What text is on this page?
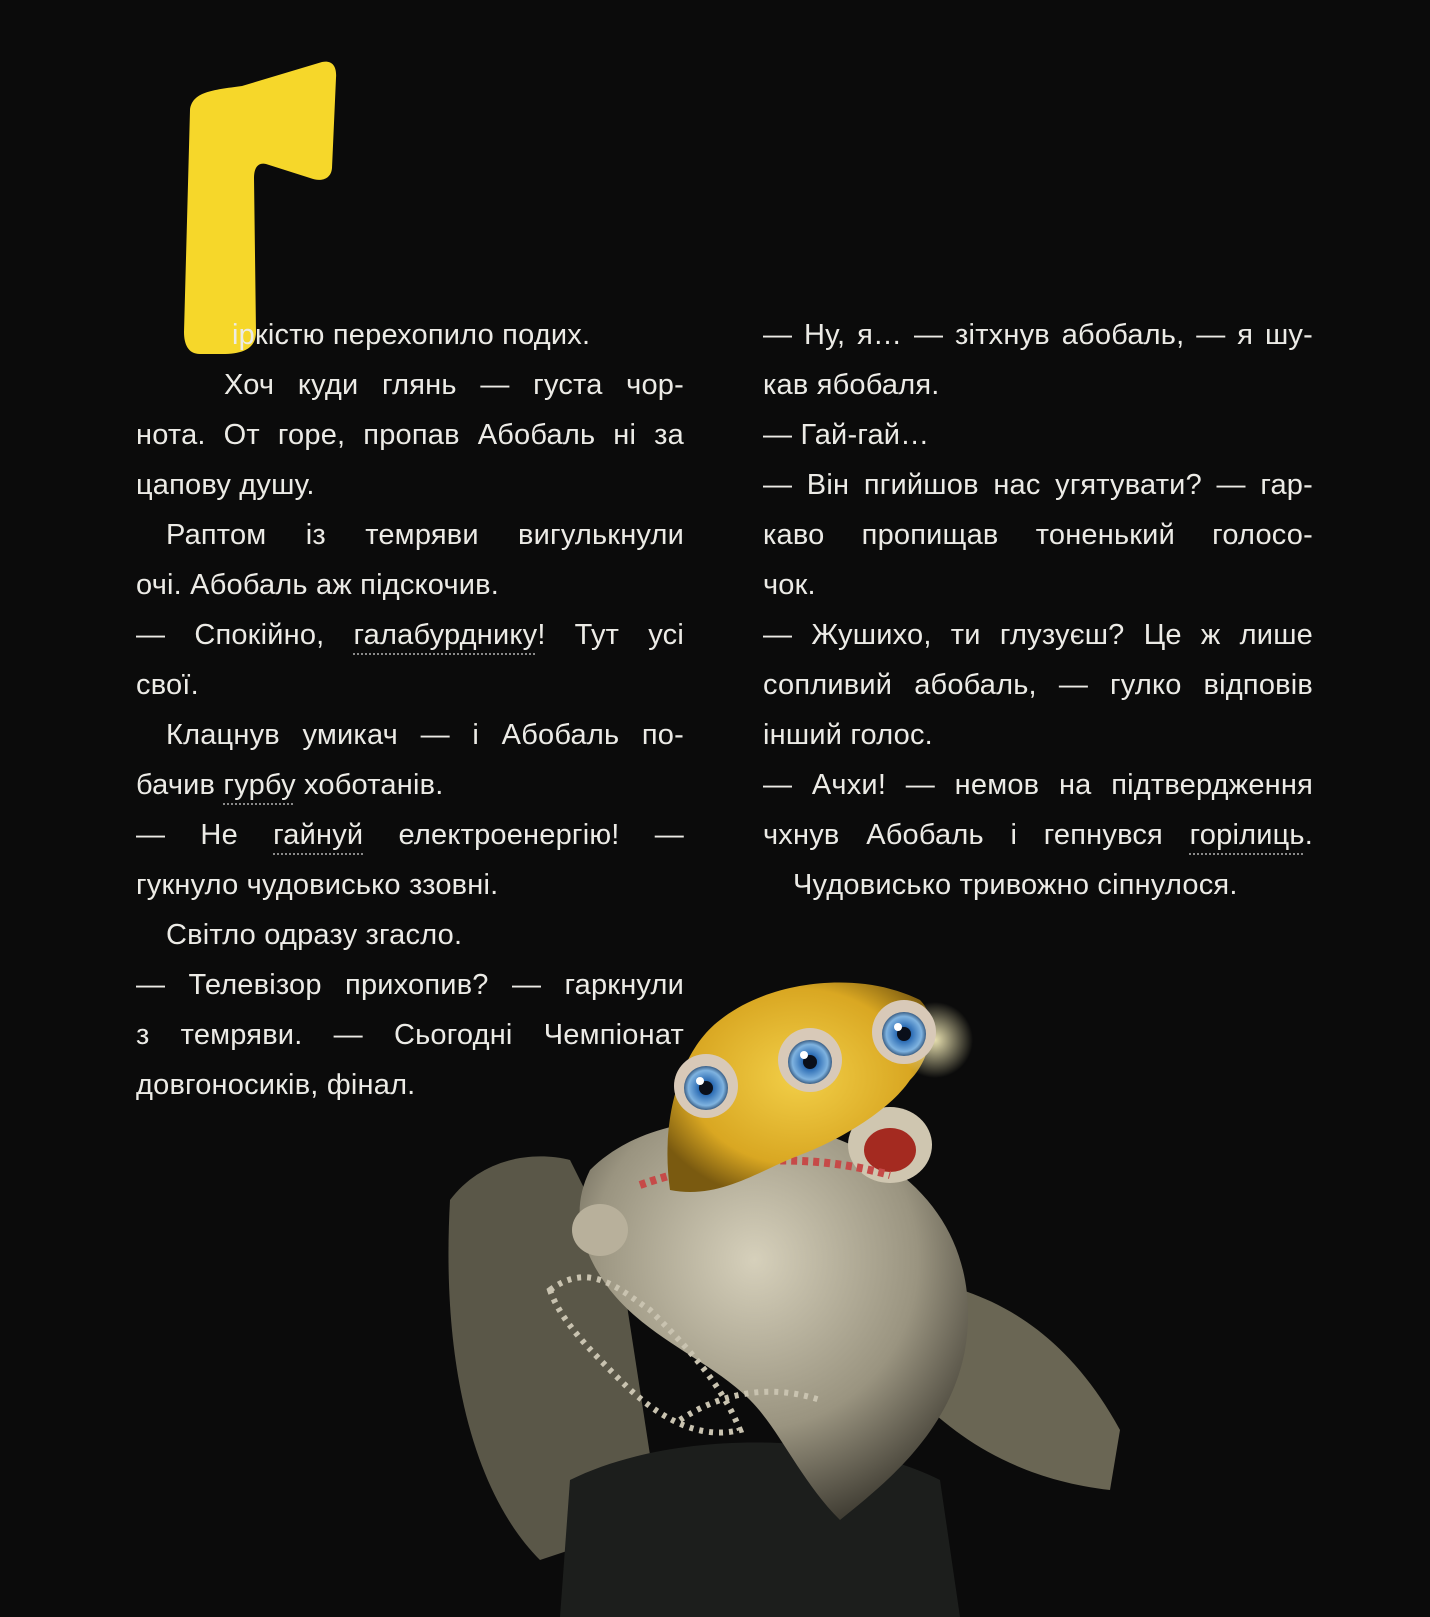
іркістю перехопило подих.
Хоч куди глянь — густа чор-
нота. От горе, пропав Абобаль ні за
цапову душу.
Раптом із темряви вигулькнули
очі. Абобаль аж підскочив.
— Спокійно, галабурднику! Тут усі
свої.
Клацнув умикач — і Абобаль по-
бачив гурбу хоботанів.
— Не гайнуй електроенергію! —
гукнуло чудовисько ззовні.
Світло одразу згасло.
— Телевізор прихопив? — гаркнули
з темряви. — Сьогодні Чемпіонат
довгоносиків, фінал.
— Ну, я… — зітхнув абобаль, — я шу-
кав ябобаля.
— Гай-гай…
— Він пгийшов нас угятувати? — гар-
каво пропищав тоненький голосо-
чок.
— Жушихо, ти глузуєш? Це ж лише
сопливий абобаль, — гулко відповів
інший голос.
— Ачхи! — немов на підтвердження
чхнув Абобаль і гепнувся горілиць.
Чудовисько тривожно сіпнулося.
